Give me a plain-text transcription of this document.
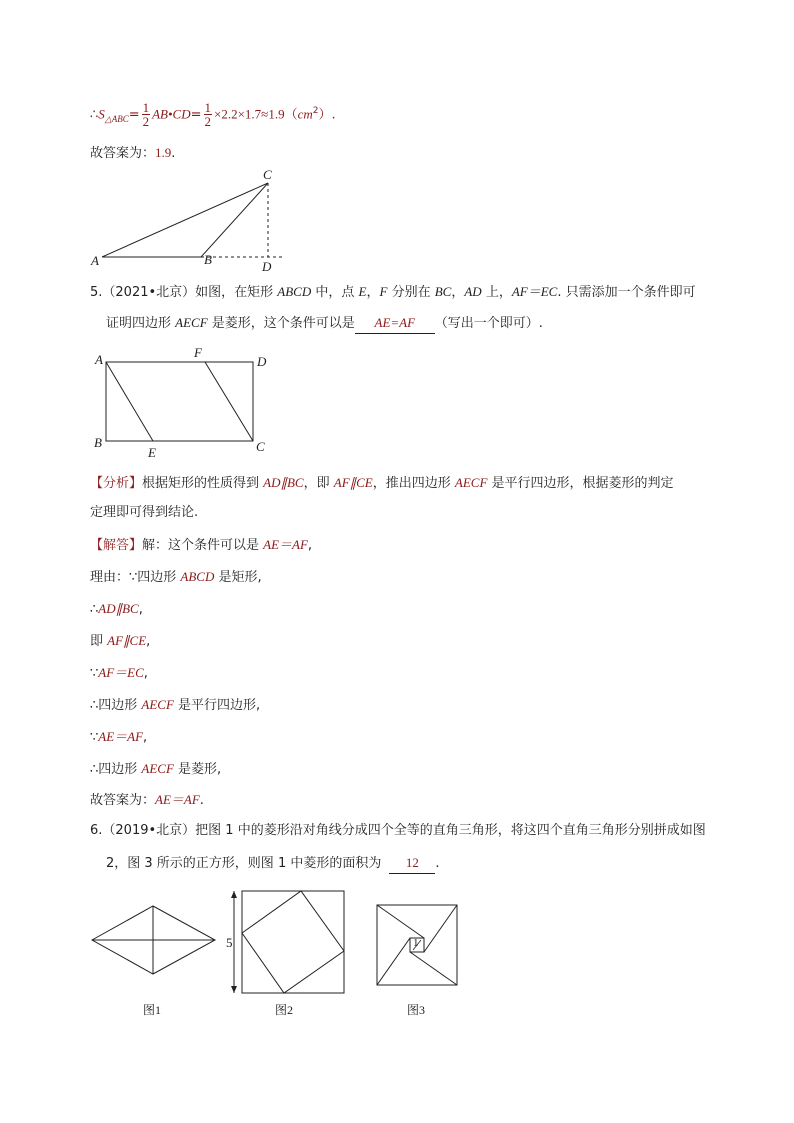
$\therefore S_{\triangle ABC}= \frac{1}{2}$ AB•CD= $\frac{1}{2} \times 2.2\times 1.7\approx 1.9(cm^2)$.
故答案为：1.9.
A	B
C
D
5.（2021•北京）如图，在矩形 ABCD 中，点 E，F 分别在 BC，AD 上，AF＝EC. 只需添加一个条件即可
证明四边形 AECF 是菱形，这个条件可以是 AE=AF （写出一个即可）.
A	F
D
B
E	C
【分析】根据矩形的性质得到 AD∥BC，即 AF∥CE，推出四边形 AECF 是平行四边形，根据菱形的判定
定理即可得到结论.
【解答】解：这个条件可以是 AE＝AF,
理由：∵四边形 ABCD 是矩形,
∴AD∥BC,
即 AF∥CE,
∵AF＝EC,
∴四边形 AECF 是平行四边形,
∵AE＝AF,
∴四边形 AECF 是菱形,
故答案为：AE＝AF.
6.（2019•北京）把图 1 中的菱形沿对角线分成四个全等的直角三角形，将这四个直角三角形分别拼成如图
2，图 3 所示的正方形，则图 1 中菱形的面积为 12 .
5	1
图1	图2	图3
